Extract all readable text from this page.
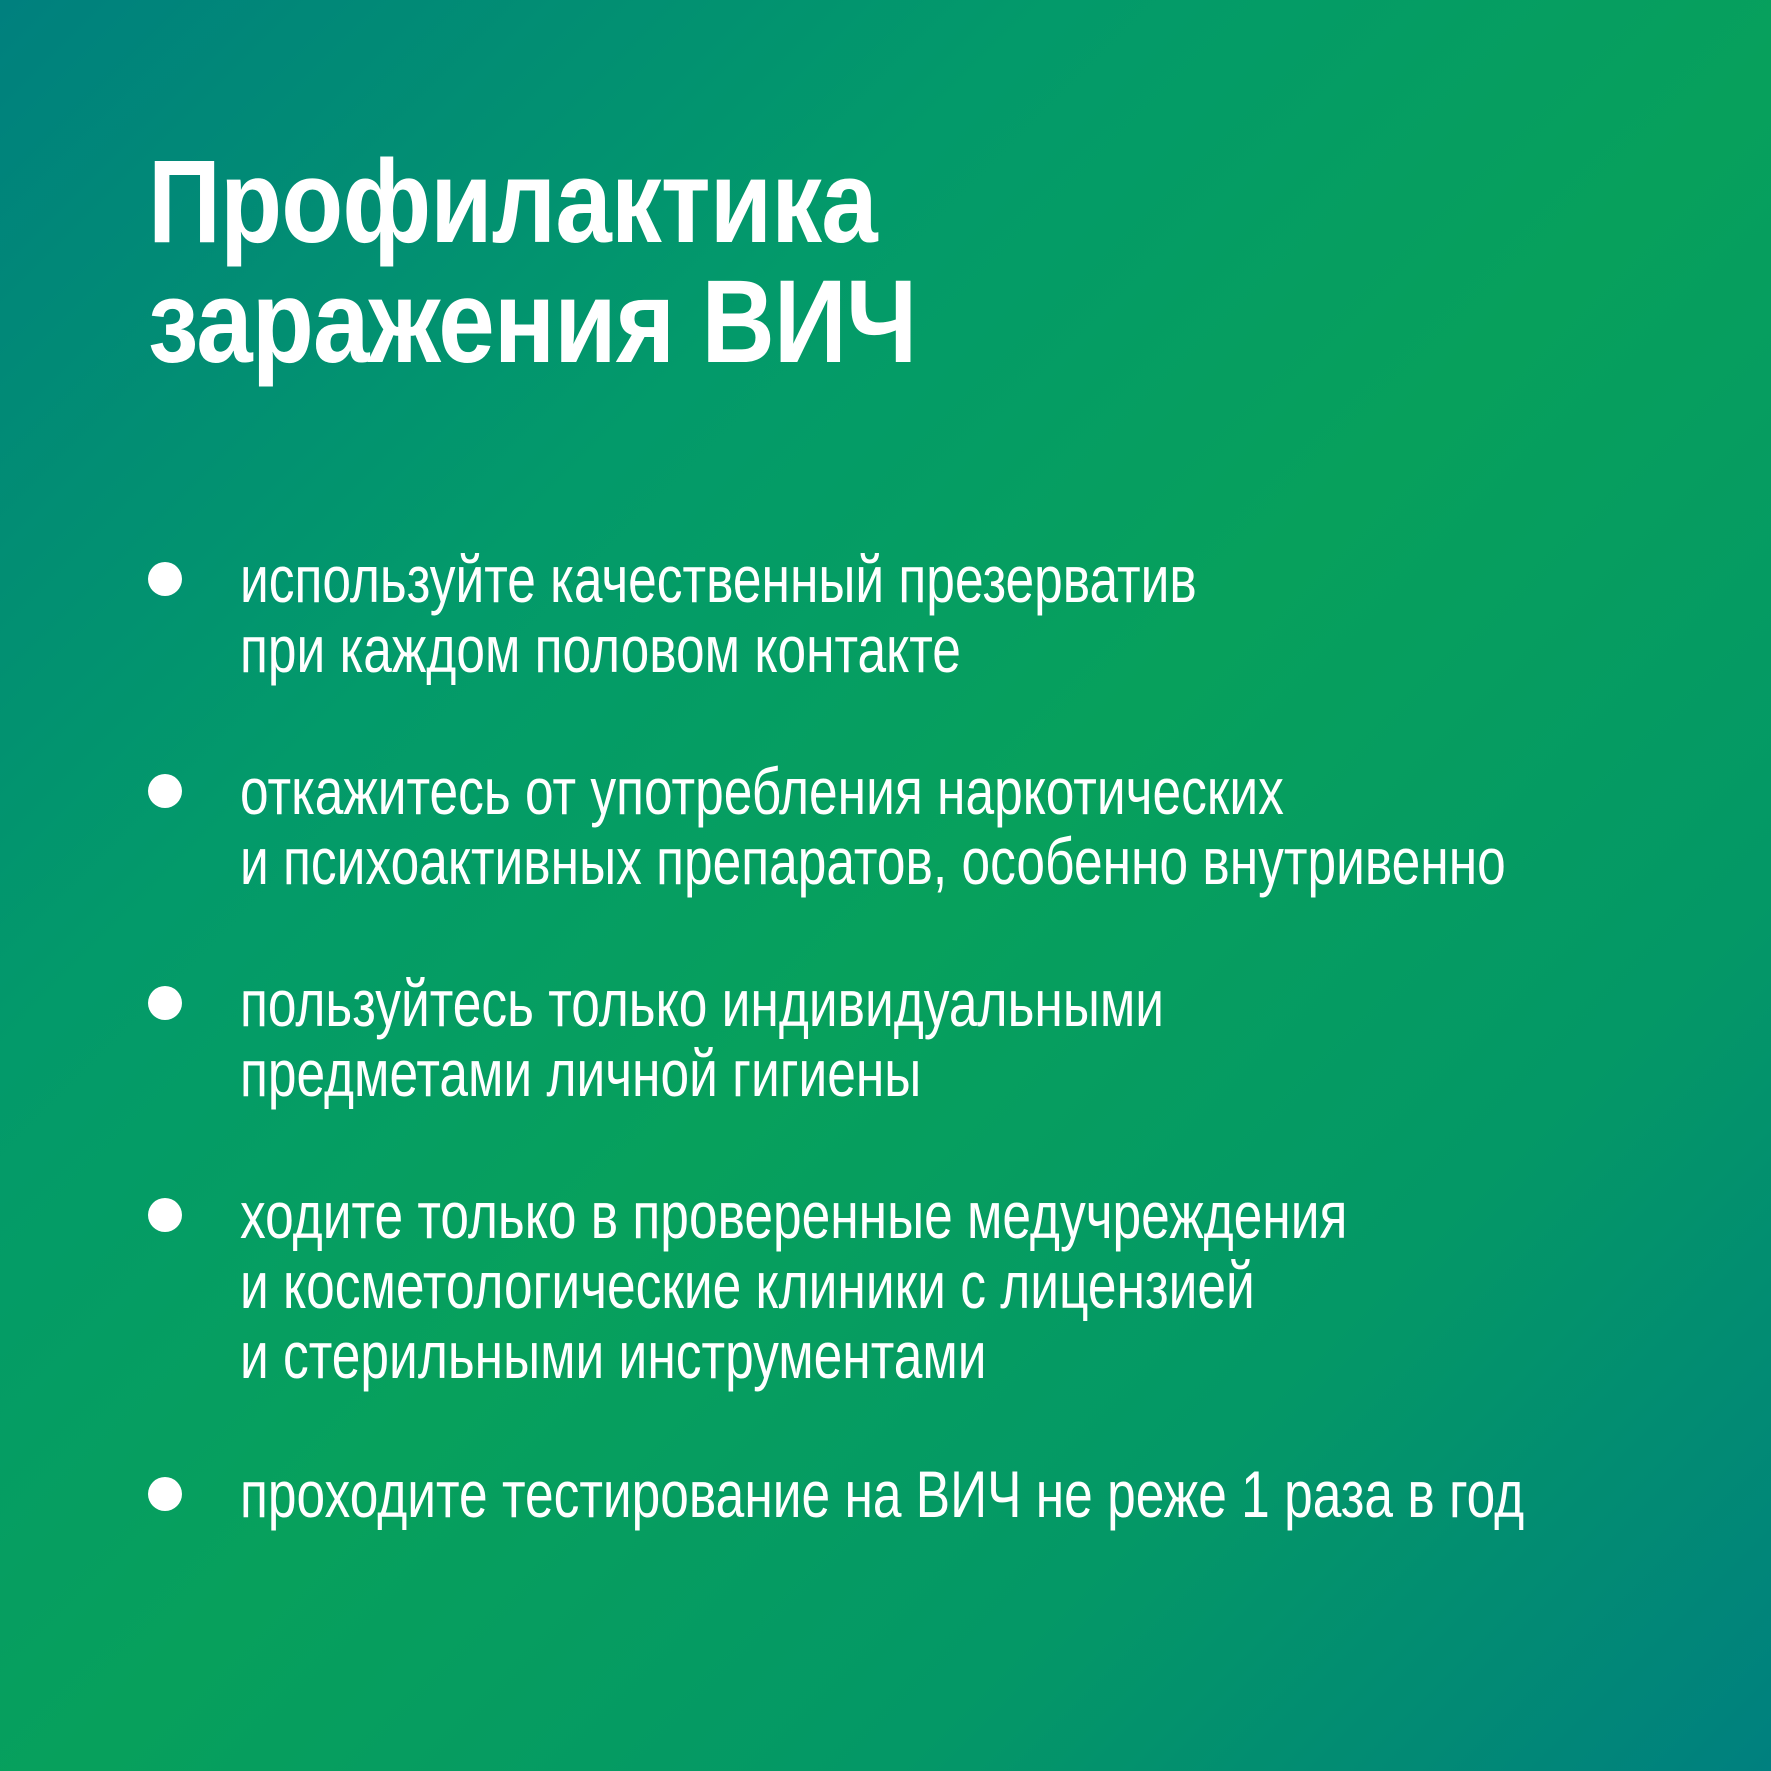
Профилактика
заражения ВИЧ
используйте качественный презерватив
при каждом половом контакте
откажитесь от употребления наркотических
и психоактивных препаратов, особенно внутривенно
пользуйтесь только индивидуальными
предметами личной гигиены
ходите только в проверенные медучреждения
и косметологические клиники с лицензией
и стерильными инструментами
проходите тестирование на ВИЧ не реже 1 раза в год
